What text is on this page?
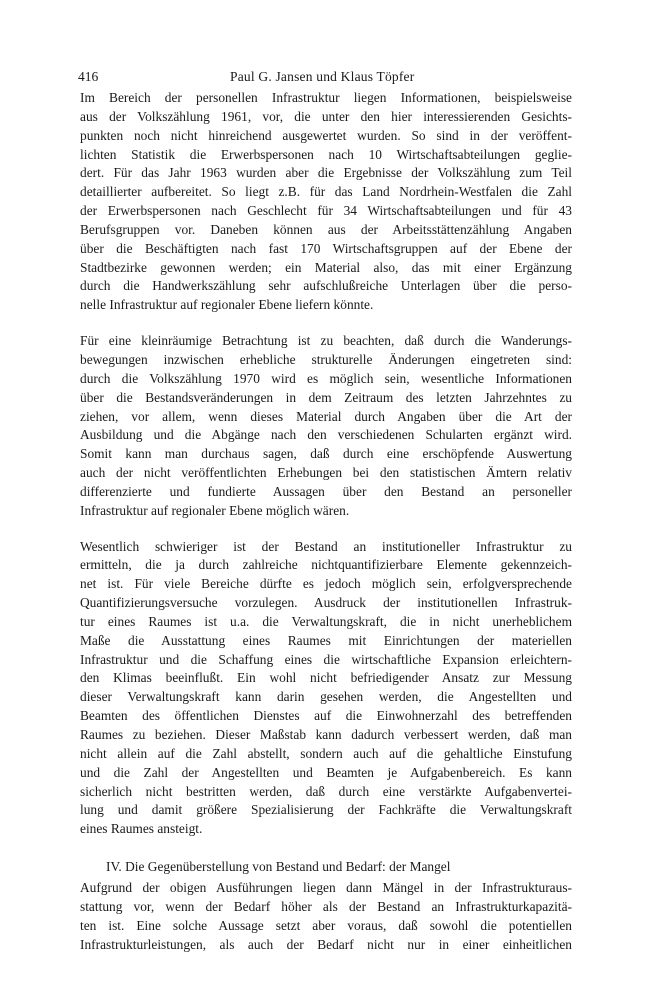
416	Paul G. Jansen und Klaus Töpfer
Im Bereich der personellen Infrastruktur liegen Informationen, beispielsweise
aus der Volkszählung 1961, vor, die unter den hier interessierenden Gesichts-
punkten noch nicht hinreichend ausgewertet wurden. So sind in der veröffent-
lichten Statistik die Erwerbspersonen nach 10 Wirtschaftsabteilungen geglie-
dert. Für das Jahr 1963 wurden aber die Ergebnisse der Volkszählung zum Teil
detaillierter aufbereitet. So liegt z.B. für das Land Nordrhein-Westfalen die Zahl
der Erwerbspersonen nach Geschlecht für 34 Wirtschaftsabteilungen und für 43
Berufsgruppen vor. Daneben können aus der Arbeitsstättenzählung Angaben
über die Beschäftigten nach fast 170 Wirtschaftsgruppen auf der Ebene der
Stadtbezirke gewonnen werden; ein Material also, das mit einer Ergänzung
durch die Handwerkszählung sehr aufschlußreiche Unterlagen über die perso-
nelle Infrastruktur auf regionaler Ebene liefern könnte.
Für eine kleinräumige Betrachtung ist zu beachten, daß durch die Wanderungs-
bewegungen inzwischen erhebliche strukturelle Änderungen eingetreten sind:
durch die Volkszählung 1970 wird es möglich sein, wesentliche Informationen
über die Bestandsveränderungen in dem Zeitraum des letzten Jahrzehntes zu
ziehen, vor allem, wenn dieses Material durch Angaben über die Art der
Ausbildung und die Abgänge nach den verschiedenen Schularten ergänzt wird.
Somit kann man durchaus sagen, daß durch eine erschöpfende Auswertung
auch der nicht veröffentlichten Erhebungen bei den statistischen Ämtern relativ
differenzierte und fundierte Aussagen über den Bestand an personeller
Infrastruktur auf regionaler Ebene möglich wären.
Wesentlich schwieriger ist der Bestand an institutioneller Infrastruktur zu
ermitteln, die ja durch zahlreiche nichtquantifizierbare Elemente gekennzeich-
net ist. Für viele Bereiche dürfte es jedoch möglich sein, erfolgversprechende
Quantifizierungsversuche vorzulegen. Ausdruck der institutionellen Infrastruk-
tur eines Raumes ist u.a. die Verwaltungskraft, die in nicht unerheblichem
Maße die Ausstattung eines Raumes mit Einrichtungen der materiellen
Infrastruktur und die Schaffung eines die wirtschaftliche Expansion erleichtern-
den Klimas beeinflußt. Ein wohl nicht befriedigender Ansatz zur Messung
dieser Verwaltungskraft kann darin gesehen werden, die Angestellten und
Beamten des öffentlichen Dienstes auf die Einwohnerzahl des betreffenden
Raumes zu beziehen. Dieser Maßstab kann dadurch verbessert werden, daß man
nicht allein auf die Zahl abstellt, sondern auch auf die gehaltliche Einstufung
und die Zahl der Angestellten und Beamten je Aufgabenbereich. Es kann
sicherlich nicht bestritten werden, daß durch eine verstärkte Aufgabenvertei-
lung und damit größere Spezialisierung der Fachkräfte die Verwaltungskraft
eines Raumes ansteigt.
IV. Die Gegenüberstellung von Bestand und Bedarf: der Mangel
Aufgrund der obigen Ausführungen liegen dann Mängel in der Infrastrukturaus-
stattung vor, wenn der Bedarf höher als der Bestand an Infrastrukturkapazitä-
ten ist. Eine solche Aussage setzt aber voraus, daß sowohl die potentiellen
Infrastrukturleistungen, als auch der Bedarf nicht nur in einer einheitlichen
